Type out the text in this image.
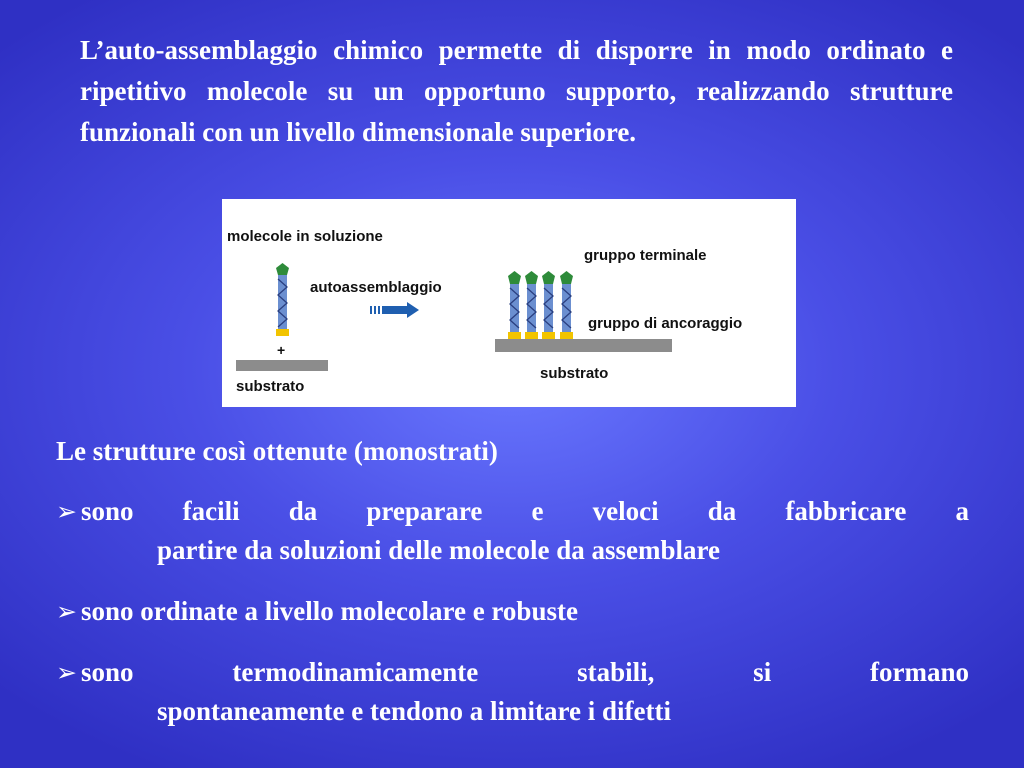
L’auto-assemblaggio chimico permette di disporre in modo ordinato e ripetitivo molecole su un opportuno supporto, realizzando strutture funzionali con un livello dimensionale superiore.
molecole in soluzione
+
substrato
autoassemblaggio
gruppo terminale
gruppo di ancoraggio
substrato
Le strutture così ottenute (monostrati)
➢ sono facili da preparare e veloci da fabbricare a
partire da soluzioni delle molecole da assemblare
➢ sono ordinate a livello molecolare e robuste
➢ sono termodinamicamente stabili, si formano
spontaneamente e tendono a limitare i difetti
